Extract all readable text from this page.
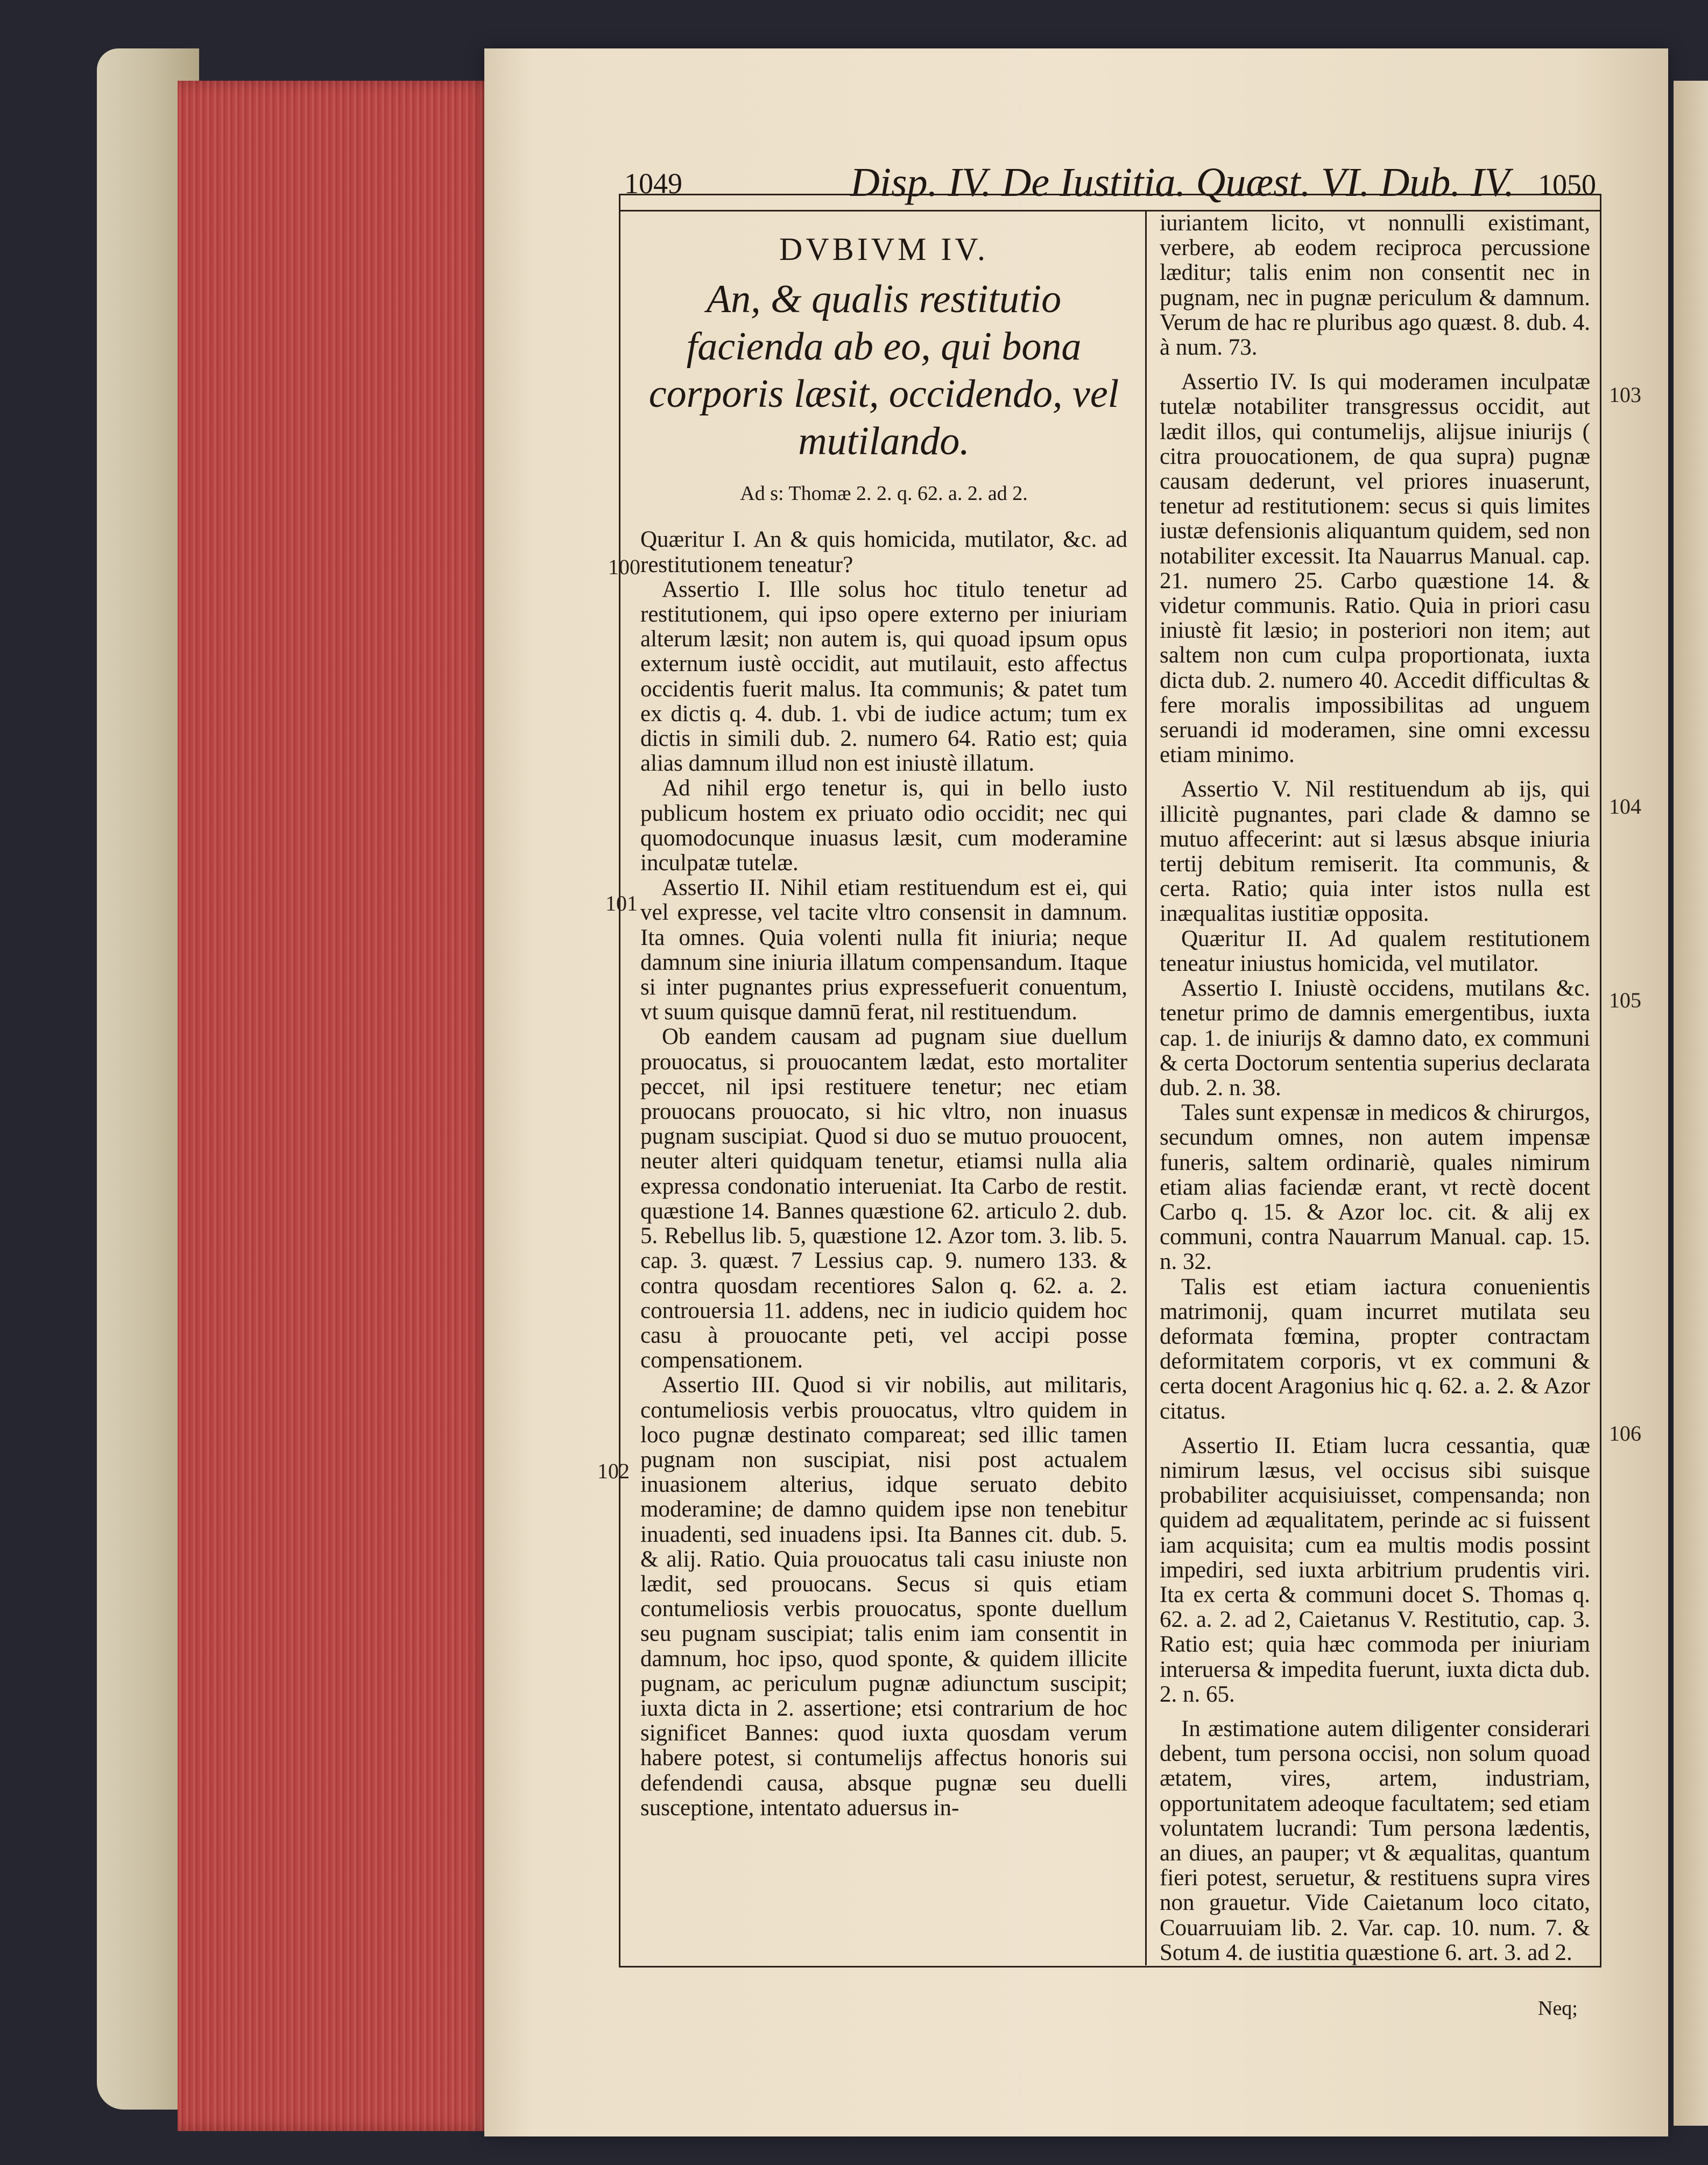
1049	Disp. IV. De Iustitia. Quæst. VI. Dub. IV. 1050
DVBIVM IV.
An, & qualis restitutio facienda ab eo, qui bona corporis læsit, occidendo, vel mutilando.
Ad s: Thomæ 2. 2. q. 62. a. 2. ad 2.

Quæritur I. An & quis homicida, mutilator, &c. ad restitutionem teneatur?

Assertio I. Ille solus hoc titulo tenetur ad restitutionem, qui ipso opere externo per iniuriam alterum læsit; non autem is, qui quoad ipsum opus externum iustè occidit, aut mutilauit, esto affectus occidentis fuerit malus. Ita communis; & patet tum ex dictis q. 4. dub. 1. vbi de iudice actum; tum ex dictis in simili dub. 2. numero 64. Ratio est; quia alias damnum illud non est iniustè illatum.

Ad nihil ergo tenetur is, qui in bello iusto publicum hostem ex priuato odio occidit; nec qui quomodocunque inuasus læsit, cum moderamine inculpatæ tutelæ.

Assertio II. Nihil etiam restituendum est ei, qui vel expresse, vel tacite vltro consensit in damnum. Ita omnes. Quia volenti nulla fit iniuria; neque damnum sine iniuria illatum compensandum. Itaque si inter pugnantes prius expressefuerit conuentum, vt suum quisque damnū ferat, nil restituendum.

Ob eandem causam ad pugnam siue duellum prouocatus, si prouocantem lædat, esto mortaliter peccet, nil ipsi restituere tenetur; nec etiam prouocans prouocato, si hic vltro, non inuasus pugnam suscipiat. Quod si duo se mutuo prouocent, neuter alteri quidquam tenetur, etiamsi nulla alia expressa condonatio interueniat. Ita Carbo de restit. quæstione 14. Bannes quæstione 62. articulo 2. dub. 5. Rebellus lib. 5, quæstione 12. Azor tom. 3. lib. 5. cap. 3. quæst. 7 Lessius cap. 9. numero 133. & contra quosdam recentiores Salon q. 62. a. 2. controuersia 11. addens, nec in iudicio quidem hoc casu à prouocante peti, vel accipi posse compensationem.

Assertio III. Quod si vir nobilis, aut militaris, contumeliosis verbis prouocatus, vltro quidem in loco pugnæ destinato compareat; sed illic tamen pugnam non suscipiat, nisi post actualem inuasionem alterius, idque seruato debito moderamine; de damno quidem ipse non tenebitur inuadenti, sed inuadens ipsi. Ita Bannes cit. dub. 5. & alij. Ratio. Quia prouocatus tali casu iniuste non lædit, sed prouocans. Secus si quis etiam contumeliosis verbis prouocatus, sponte duellum seu pugnam suscipiat; talis enim iam consentit in damnum, hoc ipso, quod sponte, & quidem illicite pugnam, ac periculum pugnæ adiunctum suscipit; iuxta dicta in 2. assertione; etsi contrarium de hoc significet Bannes: quod iuxta quosdam verum habere potest, si contumelijs affectus honoris sui defendendi causa, absque pugnæ seu duelli susceptione, intentato aduersus in-

iuriantem licito, vt nonnulli existimant, verbere, ab eodem reciproca percussione læditur; talis enim non consentit nec in pugnam, nec in pugnæ periculum & damnum. Verum de hac re pluribus ago quæst. 8. dub. 4. à num. 73.

Assertio IV. Is qui moderamen inculpatæ tutelæ notabiliter transgressus occidit, aut lædit illos, qui contumelijs, alijsue iniurijs ( citra prouocationem, de qua supra) pugnæ causam dederunt, vel priores inuaserunt, tenetur ad restitutionem: secus si quis limites iustæ defensionis aliquantum quidem, sed non notabiliter excessit. Ita Nauarrus Manual. cap. 21. numero 25. Carbo quæstione 14. & videtur communis. Ratio. Quia in priori casu iniustè fit læsio; in posteriori non item; aut saltem non cum culpa proportionata, iuxta dicta dub. 2. numero 40. Accedit difficultas & fere moralis impossibilitas ad unguem seruandi id moderamen, sine omni excessu etiam minimo.

Assertio V. Nil restituendum ab ijs, qui illicitè pugnantes, pari clade & damno se mutuo affecerint: aut si læsus absque iniuria tertij debitum remiserit. Ita communis, & certa. Ratio; quia inter istos nulla est inæqualitas iustitiæ opposita.

Quæritur II. Ad qualem restitutionem teneatur iniustus homicida, vel mutilator.

Assertio I. Iniustè occidens, mutilans &c. tenetur primo de damnis emergentibus, iuxta cap. 1. de iniurijs & damno dato, ex communi & certa Doctorum sententia superius declarata dub. 2. n. 38.

Tales sunt expensæ in medicos & chirurgos, secundum omnes, non autem impensæ funeris, saltem ordinariè, quales nimirum etiam alias faciendæ erant, vt rectè docent Carbo q. 15. & Azor loc. cit. & alij ex communi, contra Nauarrum Manual. cap. 15. n. 32.

Talis est etiam iactura conuenientis matrimonij, quam incurret mutilata seu deformata fœmina, propter contractam deformitatem corporis, vt ex communi & certa docent Aragonius hic q. 62. a. 2. & Azor citatus.

Assertio II. Etiam lucra cessantia, quæ nimirum læsus, vel occisus sibi suisque probabiliter acquisiuisset, compensanda; non quidem ad æqualitatem, perinde ac si fuissent iam acquisita; cum ea multis modis possint impediri, sed iuxta arbitrium prudentis viri. Ita ex certa & communi docet S. Thomas q. 62. a. 2. ad 2, Caietanus V. Restitutio, cap. 3. Ratio est; quia hæc commoda per iniuriam interuersa & impedita fuerunt, iuxta dicta dub. 2. n. 65.

In æstimatione autem diligenter considerari debent, tum persona occisi, non solum quoad ætatem, vires, artem, industriam, opportunitatem adeoque facultatem; sed etiam voluntatem lucrandi: Tum persona lædentis, an diues, an pauper; vt & æqualitas, quantum fieri potest, seruetur, & restituens supra vires non grauetur. Vide Caietanum loco citato, Couarruuiam lib. 2. Var. cap. 10. num. 7. & Sotum 4. de iustitia quæstione 6. art. 3. ad 2.

100
101
102
103
104
105
106
Neq;
